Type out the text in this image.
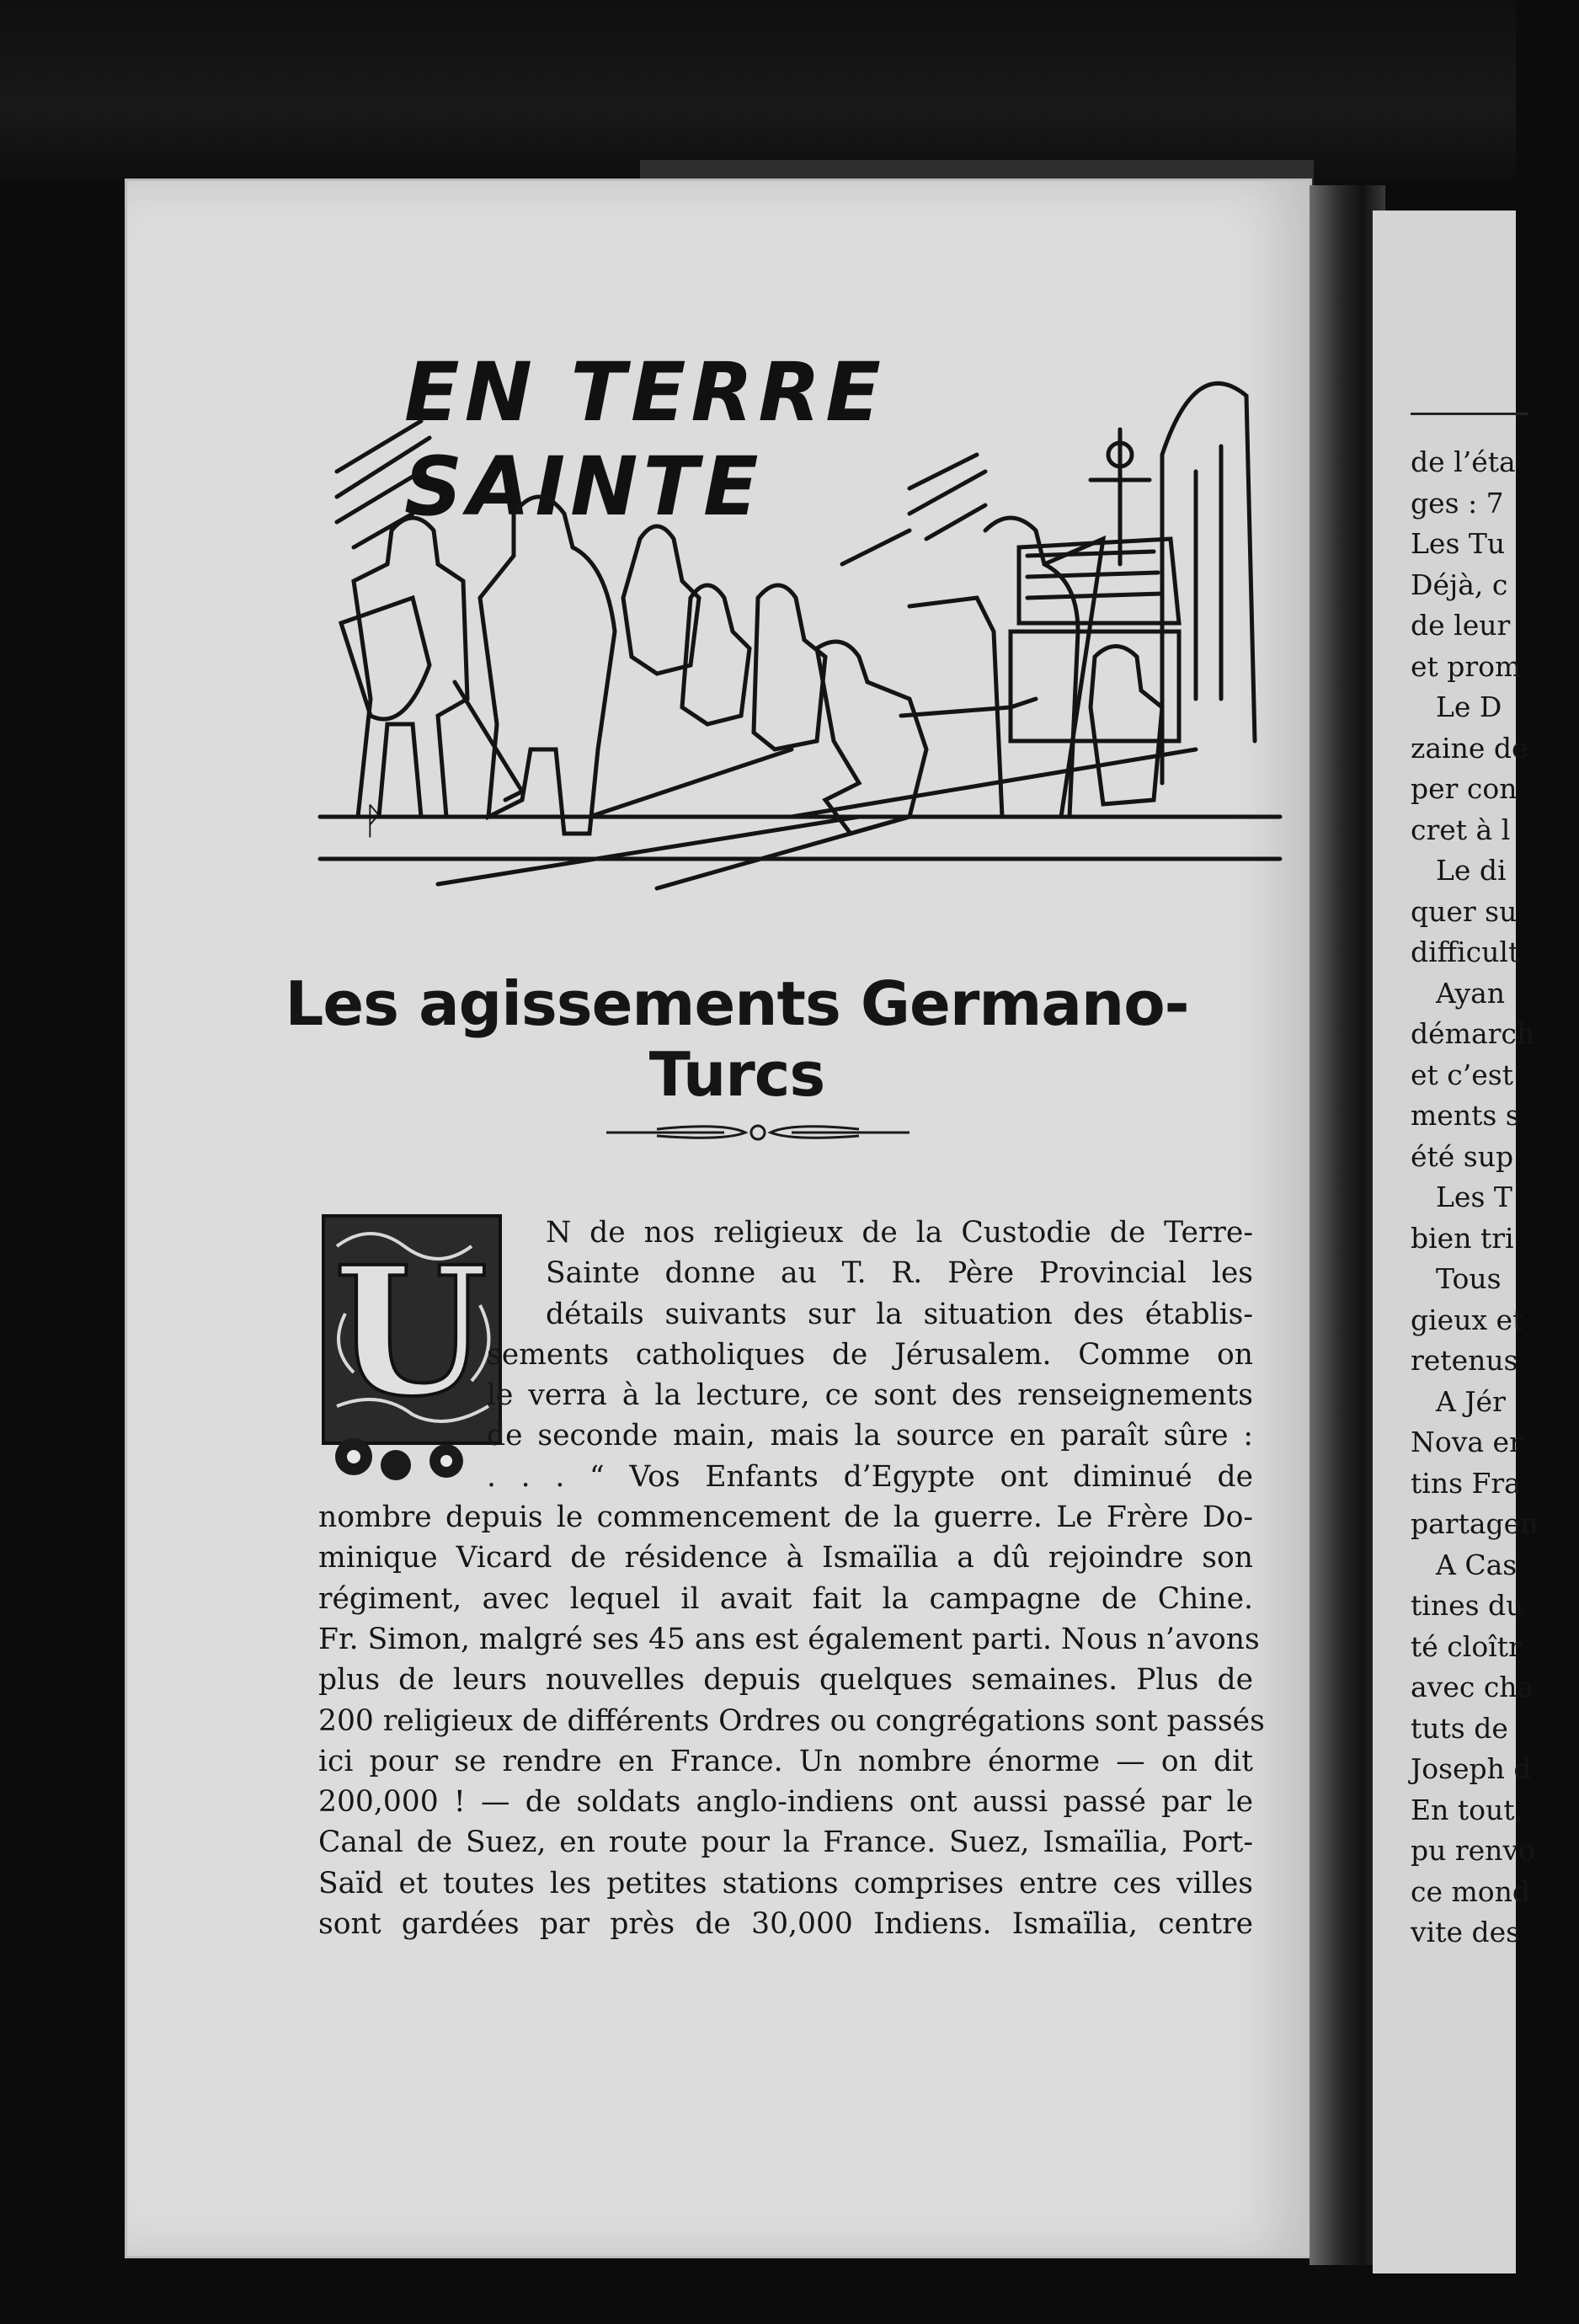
EN TERRE SAINTE
ᚹ
Les agissements Germano-Turcs
U	N de nos religieux de la Custodie de Terre-
Sainte donne au T. R. Père Provincial les
détails suivants sur la situation des établis-
sements catholiques de Jérusalem. Comme on
le verra à la lecture, ce sont des renseignements
de seconde main, mais la source en paraît sûre :
. . . “ Vos Enfants d’Egypte ont diminué de
nombre depuis le commencement de la guerre. Le Frère Do-
minique Vicard de résidence à Ismaïlia a dû rejoindre son
régiment, avec lequel il avait fait la campagne de Chine.
Fr. Simon, malgré ses 45 ans est également parti. Nous n’avons
plus de leurs nouvelles depuis quelques semaines. Plus de
200 religieux de différents Ordres ou congrégations sont passés
ici pour se rendre en France. Un nombre énorme — on dit
200,000 ! — de soldats anglo-indiens ont aussi passé par le
Canal de Suez, en route pour la France. Suez, Ismaïlia, Port-
Saïd et toutes les petites stations comprises entre ces villes
sont gardées par près de 30,000 Indiens. Ismaïlia, centre
de l’éta
ges : 7
Les Tu
Déjà, c
de leur
et prom
Le D
zaine de
per con
cret à l
Le di
quer su
difficult
Ayan
démarch
et c’est
ments s
été sup
Les T
bien tri
Tous
gieux et
retenus
A Jér
Nova er
tins Fra
partagen
A Cas
tines du
té cloîtr
avec cha
tuts de
Joseph d
En tout,
pu renvo
ce mond
vite des
